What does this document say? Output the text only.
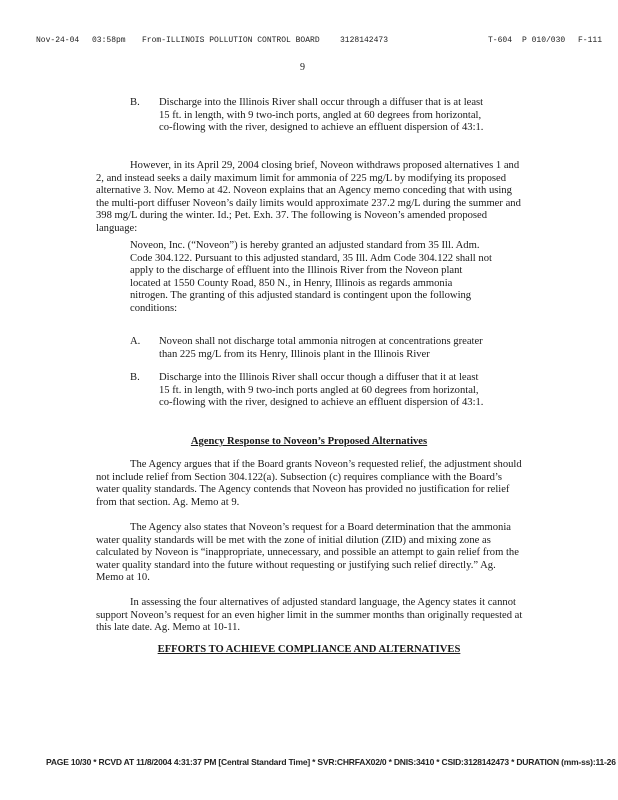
Nov-24-04 03:58pm From-ILLINOIS POLLUTION CONTROL BOARD	3128142473	T-604 P 010/030 F-111
9
B. Discharge into the Illinois River shall occur through a diffuser that is at least 15 ft. in length, with 9 two-inch ports, angled at 60 degrees from horizontal, co-flowing with the river, designed to achieve an effluent dispersion of 43:1.
However, in its April 29, 2004 closing brief, Noveon withdraws proposed alternatives 1 and 2, and instead seeks a daily maximum limit for ammonia of 225 mg/L by modifying its proposed alternative 3. Nov. Memo at 42. Noveon explains that an Agency memo conceding that with using the multi-port diffuser Noveon’s daily limits would approximate 237.2 mg/L during the summer and 398 mg/L during the winter. Id.; Pet. Exh. 37. The following is Noveon’s amended proposed language:
Noveon, Inc. (“Noveon”) is hereby granted an adjusted standard from 35 Ill. Adm. Code 304.122. Pursuant to this adjusted standard, 35 Ill. Adm Code 304.122 shall not apply to the discharge of effluent into the Illinois River from the Noveon plant located at 1550 County Road, 850 N., in Henry, Illinois as regards ammonia nitrogen. The granting of this adjusted standard is contingent upon the following conditions:
A. Noveon shall not discharge total ammonia nitrogen at concentrations greater than 225 mg/L from its Henry, Illinois plant in the Illinois River
B. Discharge into the Illinois River shall occur though a diffuser that it at least 15 ft. in length, with 9 two-inch ports angled at 60 degrees from horizontal, co-flowing with the river, designed to achieve an effluent dispersion of 43:1.
Agency Response to Noveon’s Proposed Alternatives
The Agency argues that if the Board grants Noveon’s requested relief, the adjustment should not include relief from Section 304.122(a). Subsection (c) requires compliance with the Board’s water quality standards. The Agency contends that Noveon has provided no justification for relief from that section. Ag. Memo at 9.
The Agency also states that Noveon’s request for a Board determination that the ammonia water quality standards will be met with the zone of initial dilution (ZID) and mixing zone as calculated by Noveon is “inappropriate, unnecessary, and possible an attempt to gain relief from the water quality standard into the future without requesting or justifying such relief directly.” Ag. Memo at 10.
In assessing the four alternatives of adjusted standard language, the Agency states it cannot support Noveon’s request for an even higher limit in the summer months than originally requested at this late date. Ag. Memo at 10-11.
EFFORTS TO ACHIEVE COMPLIANCE AND ALTERNATIVES
PAGE 10/30 * RCVD AT 11/8/2004 4:31:37 PM [Central Standard Time] * SVR:CHRFAX02/0 * DNIS:3410 * CSID:3128142473 * DURATION (mm-ss):11-26
